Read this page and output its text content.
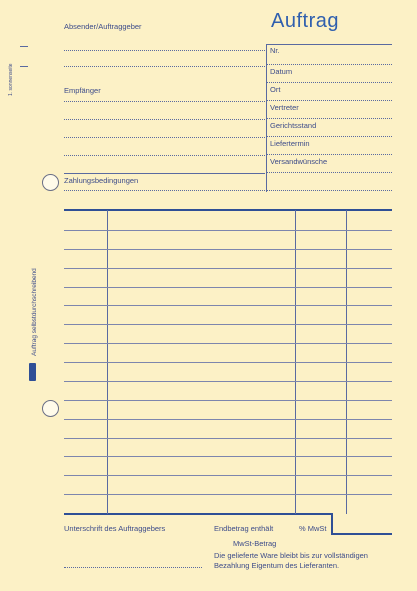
1. sonnenseite
Auftrag selbstdurchschreibend
Absender/Auftraggeber
Empfänger
Zahlungsbedingungen
Auftrag
Nr.
Datum
Ort
Vertreter
Gerichtsstand
Liefertermin
Versandwünsche
Unterschrift des Auftraggebers	Endbetrag enthält	% MwSt
MwSt-Betrag
Die gelieferte Ware bleibt bis zur vollständigen
Bezahlung Eigentum des Lieferanten.
